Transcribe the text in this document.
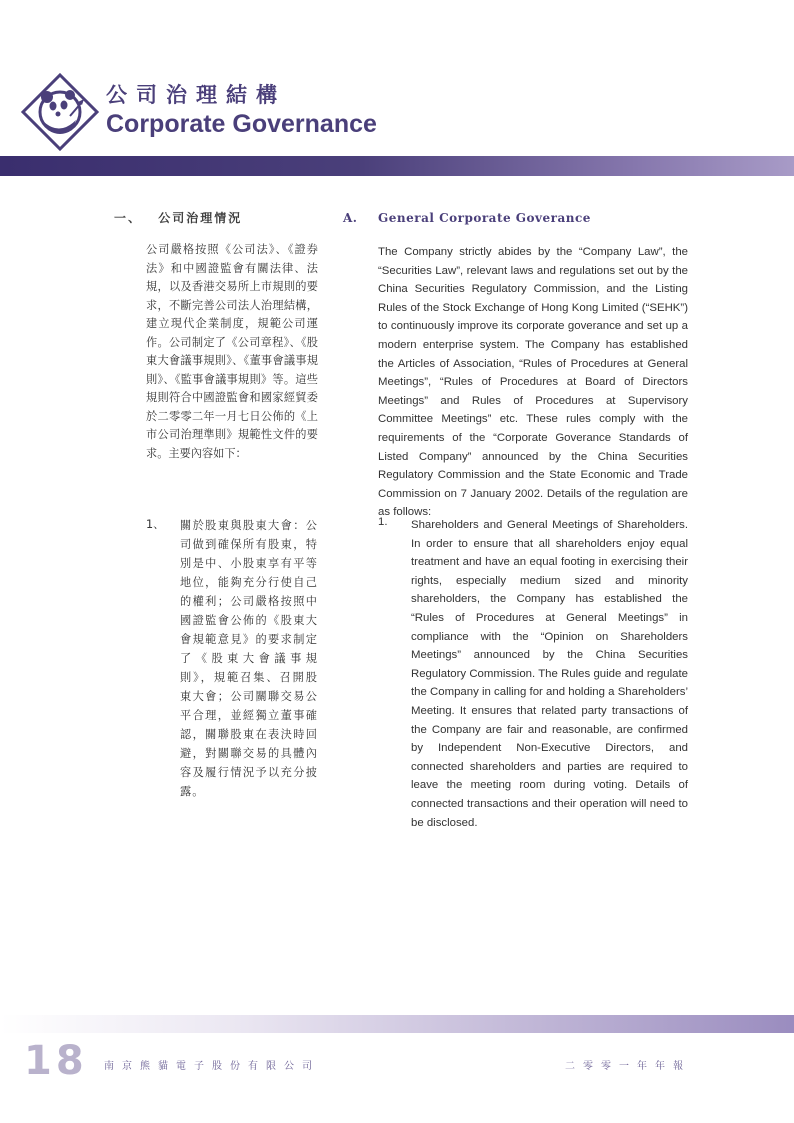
公司治理結構
Corporate Governance
一、 公司治理情況

公司嚴格按照《公司法》、《證券法》和中國證監會有關法律、法規，以及香港交易所上市規則的要求，不斷完善公司法人治理結構，建立現代企業制度，規範公司運作。公司制定了《公司章程》、《股東大會議事規則》、《董事會議事規則》、《監事會議事規則》等。這些規則符合中國證監會和國家經貿委於二零零二年一月七日公佈的《上市公司治理準則》規範性文件的要求。主要內容如下：

1、 關於股東與股東大會：公司做到確保所有股東，特別是中、小股東享有平等地位，能夠充分行使自己的權利；公司嚴格按照中國證監會公佈的《股東大會規範意見》的要求制定了《股東大會議事規則》，規範召集、召開股東大會；公司關聯交易公平合理，並經獨立董事確認，關聯股東在表決時回避，對關聯交易的具體內容及履行情況予以充分披露。

A. General Corporate Goverance

The Company strictly abides by the “Company Law”, the “Securities Law”, relevant laws and regulations set out by the China Securities Regulatory Commission, and the Listing Rules of the Stock Exchange of Hong Kong Limited (“SEHK”) to continuously improve its corporate goverance and set up a modern enterprise system. The Company has established the Articles of Association, “Rules of Procedures at General Meetings”, “Rules of Procedures at Board of Directors Meetings” and Rules of Procedures at Supervisory Committee Meetings” etc. These rules comply with the requirements of the “Corporate Goverance Standards of Listed Company” announced by the China Securities Regulatory Commission and the State Economic and Trade Commission on 7 January 2002. Details of the regulation are as follows:

1. Shareholders and General Meetings of Shareholders. In order to ensure that all shareholders enjoy equal treatment and have an equal footing in exercising their rights, especially medium sized and minority shareholders, the Company has established the “Rules of Procedures at General Meetings” in compliance with the “Opinion on Shareholders Meetings” announced by the China Securities Regulatory Commission. The Rules guide and regulate the Company in calling for and holding a Shareholders’ Meeting. It ensures that related party transactions of the Company are fair and reasonable, are confirmed by Independent Non-Executive Directors, and connected shareholders and parties are required to leave the meeting room during voting. Details of connected transactions and their operation will need to be disclosed.

18 南京熊貓電子股份有限公司	二零零一年年報
